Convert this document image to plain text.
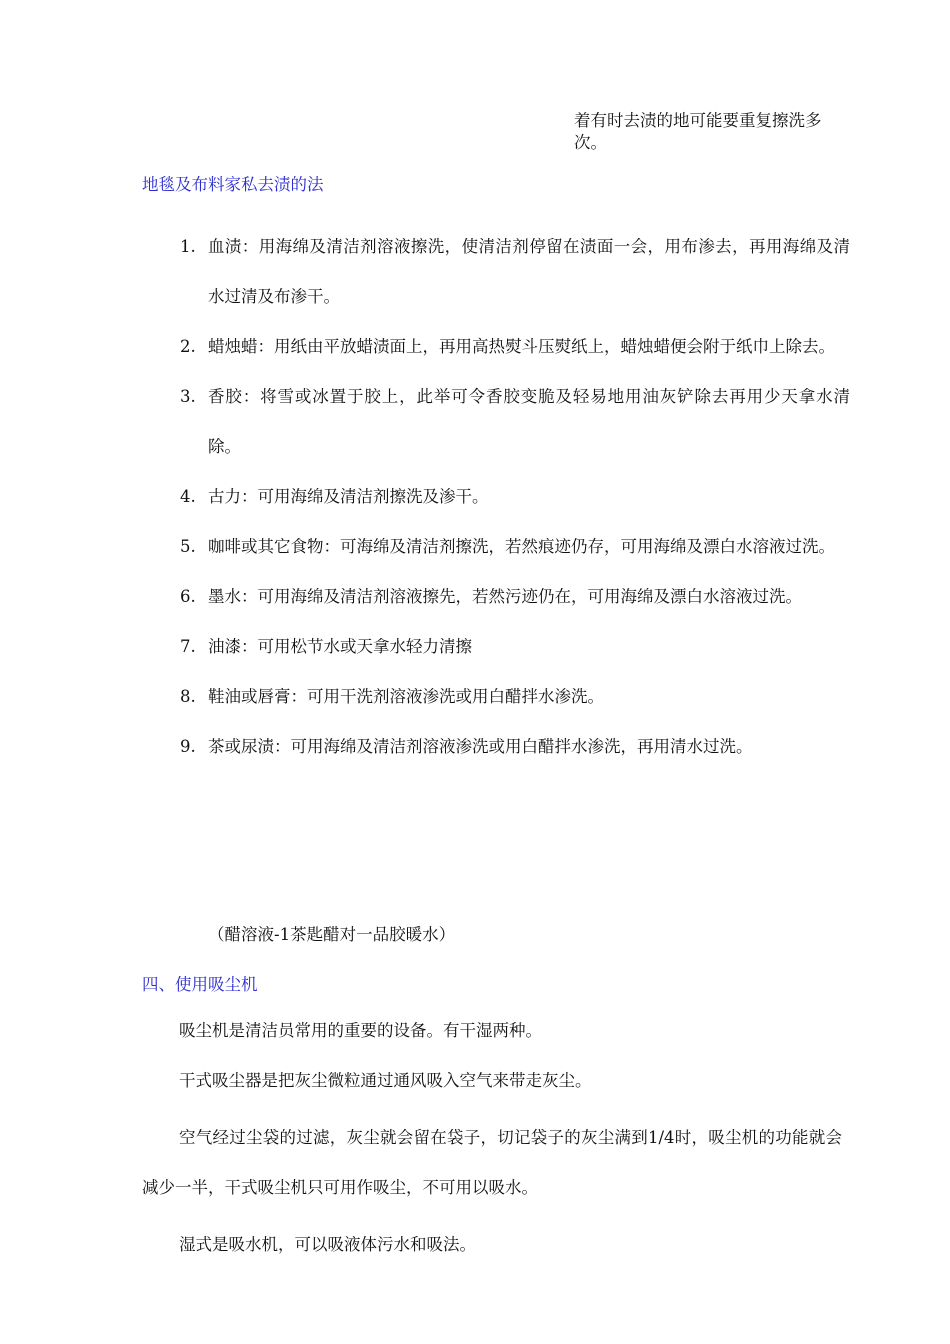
着有时去渍的地可能要重复擦洗多次。
地毯及布料家私去渍的法
1. 血渍：用海绵及清洁剂溶液擦洗，使清洁剂停留在渍面一会，用布渗去，再用海绵及清水过清及布渗干。
2. 蜡烛蜡：用纸由平放蜡渍面上，再用高热熨斗压熨纸上，蜡烛蜡便会附于纸巾上除去。
3. 香胶：将雪或冰置于胶上，此举可令香胶变脆及轻易地用油灰铲除去再用少天拿水清除。
4. 古力：可用海绵及清洁剂擦洗及渗干。
5. 咖啡或其它食物：可海绵及清洁剂擦洗，若然痕迹仍存，可用海绵及漂白水溶液过洗。
6. 墨水：可用海绵及清洁剂溶液擦先，若然污迹仍在，可用海绵及漂白水溶液过洗。
7. 油漆：可用松节水或天拿水轻力清擦
8. 鞋油或唇膏：可用干洗剂溶液渗洗或用白醋拌水渗洗。
9. 茶或尿渍：可用海绵及清洁剂溶液渗洗或用白醋拌水渗洗，再用清水过洗。
（醋溶液-1茶匙醋对一品胶暖水）
四、使用吸尘机

吸尘机是清洁员常用的重要的设备。有干湿两种。

干式吸尘器是把灰尘微粒通过通风吸入空气来带走灰尘。

空气经过尘袋的过滤，灰尘就会留在袋子，切记袋子的灰尘满到1/4时，吸尘机的功能就会减少一半，干式吸尘机只可用作吸尘，不可用以吸水。

湿式是吸水机，可以吸液体污水和吸法。
